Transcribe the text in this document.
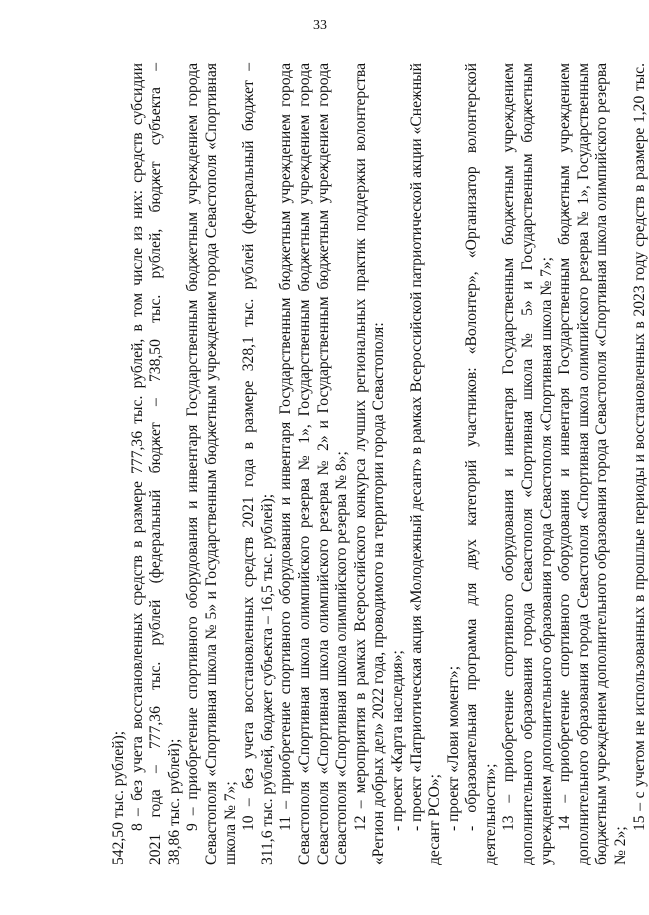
33
542,50 тыс. рублей); 8 – без учета восстановленных средств в размере 777,36 тыс. рублей, в том числе из них: средств субсидии 2021 года – 777,36 тыс. рублей (федеральный бюджет – 738,50 тыс. рублей, бюджет субъекта – 38,86 тыс. рублей); 9 – приобретение спортивного оборудования и инвентаря Государственным бюджетным учреждением города Севастополя «Спортивная школа № 5» и Государственным бюджетным учреждением города Севастополя «Спортивная школа № 7»; 10 – без учета восстановленных средств 2021 года в размере 328,1 тыс. рублей (федеральный бюджет – 311,6 тыс. рублей, бюджет субъекта – 16,5 тыс. рублей); 11 – приобретение спортивного оборудования и инвентаря Государственным бюджетным учреждением города Севастополя «Спортивная школа олимпийского резерва № 1», Государственным бюджетным учреждением города Севастополя «Спортивная школа олимпийского резерва № 2» и Государственным бюджетным учреждением города Севастополя «Спортивная школа олимпийского резерва № 8»; 12 – мероприятия в рамках Всероссийского конкурса лучших региональных практик поддержки волонтерства «Регион добрых дел» 2022 года, проводимого на территории города Севастополя: - проект «Карта наследия»; - проект «Патриотическая акция «Молодежный десант» в рамках Всероссийской патриотической акции «Снежный десант РСО»; - проект «Лови момент»; - образовательная программа для двух категорий участников: «Волонтер», «Организатор волонтерской деятельности»; 13 – приобретение спортивного оборудования и инвентаря Государственным бюджетным учреждением дополнительного образования города Севастополя «Спортивная школа № 5» и Государственным бюджетным учреждением дополнительного образования города Севастополя «Спортивная школа № 7»; 14 – приобретение спортивного оборудования и инвентаря Государственным бюджетным учреждением дополнительного образования города Севастополя «Спортивная школа олимпийского резерва № 1», Государственным бюджетным учреждением дополнительного образования города Севастополя «Спортивная школа олимпийского резерва № 2»;
15 – с учетом не использованных в прошлые периоды и восстановленных в 2023 году средств в размере 1,20 тыс.
